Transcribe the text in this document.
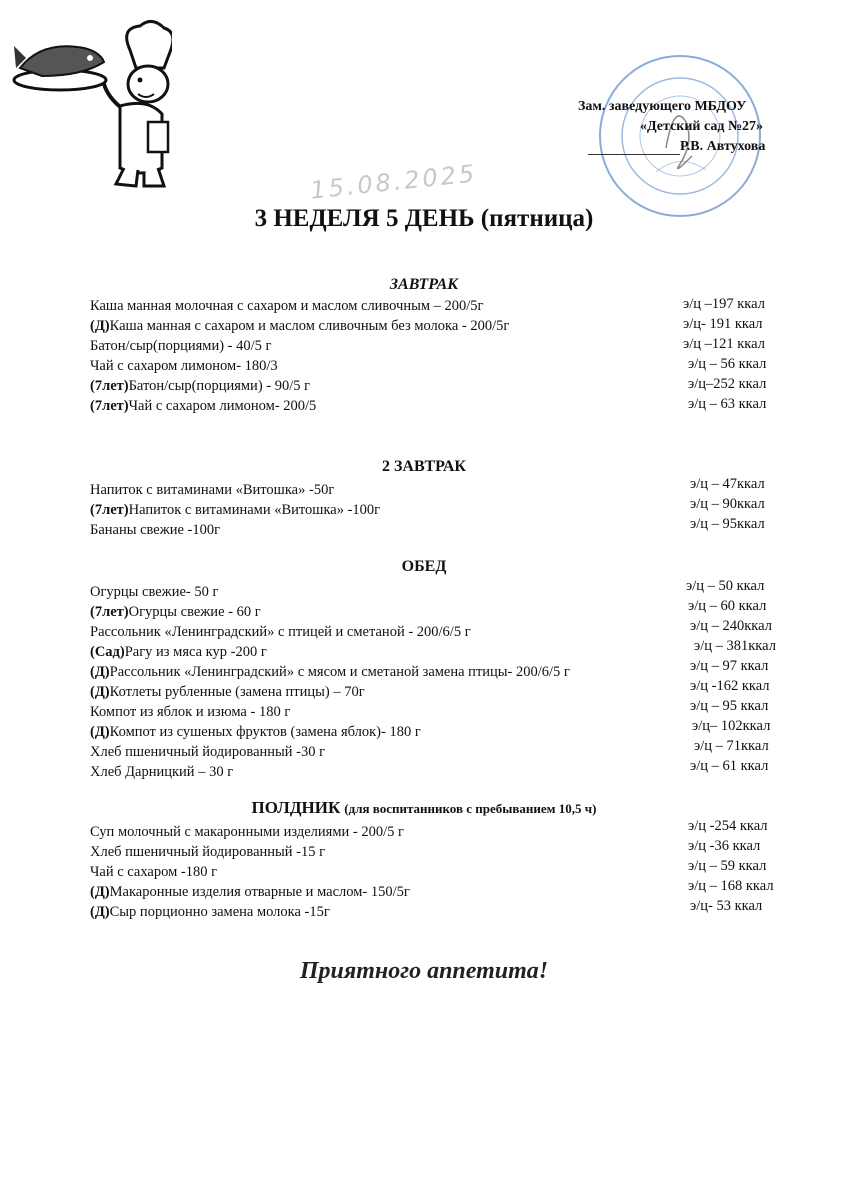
Зам. заведующего МБДОУ
«Детский сад №27»
Р.В. Автухова
15.08.2025
3 НЕДЕЛЯ 5 ДЕНЬ (пятница)
ЗАВТРАК
Каша манная молочная с сахаром и маслом сливочным – 200/5г	э/ц –197 ккал
(Д)Каша манная с сахаром и маслом сливочным без молока - 200/5г	э/ц- 191 ккал
Батон/сыр(порциями) - 40/5 г	э/ц –121 ккал
Чай с сахаром лимоном- 180/3	э/ц – 56 ккал
(7лет)Батон/сыр(порциями) - 90/5 г	э/ц–252 ккал
(7лет)Чай с сахаром лимоном- 200/5	э/ц – 63 ккал
2 ЗАВТРАК
Напиток с витаминами «Витошка» -50г	э/ц – 47ккал
(7лет)Напиток с витаминами «Витошка» -100г	э/ц – 90ккал
Бананы свежие -100г	э/ц – 95ккал
ОБЕД
Огурцы свежие- 50 г	э/ц – 50 ккал
(7лет)Огурцы свежие - 60 г	э/ц – 60 ккал
Рассольник «Ленинградский» с птицей и сметаной - 200/6/5 г	э/ц – 240ккал
(Сад)Рагу из мяса кур -200 г	э/ц – 381ккал
(Д)Рассольник «Ленинградский» с мясом и сметаной замена птицы- 200/6/5 г	э/ц – 97 ккал
(Д)Котлеты рубленные (замена птицы) – 70г	э/ц -162 ккал
Компот из яблок и изюма - 180 г	э/ц – 95 ккал
(Д)Компот из сушеных фруктов (замена яблок)- 180 г	э/ц– 102ккал
Хлеб пшеничный йодированный -30 г	э/ц – 71ккал
Хлеб Дарницкий – 30 г	э/ц – 61 ккал
ПОЛДНИК (для воспитанников с пребыванием 10,5 ч)
Суп молочный с макаронными изделиями - 200/5 г	э/ц -254 ккал
Хлеб пшеничный йодированный -15 г	э/ц -36 ккал
Чай с сахаром -180 г	э/ц – 59 ккал
(Д)Макаронные изделия отварные и маслом- 150/5г	э/ц – 168 ккал
(Д)Сыр порционно замена молока -15г	э/ц- 53 ккал
Приятного аппетита!
